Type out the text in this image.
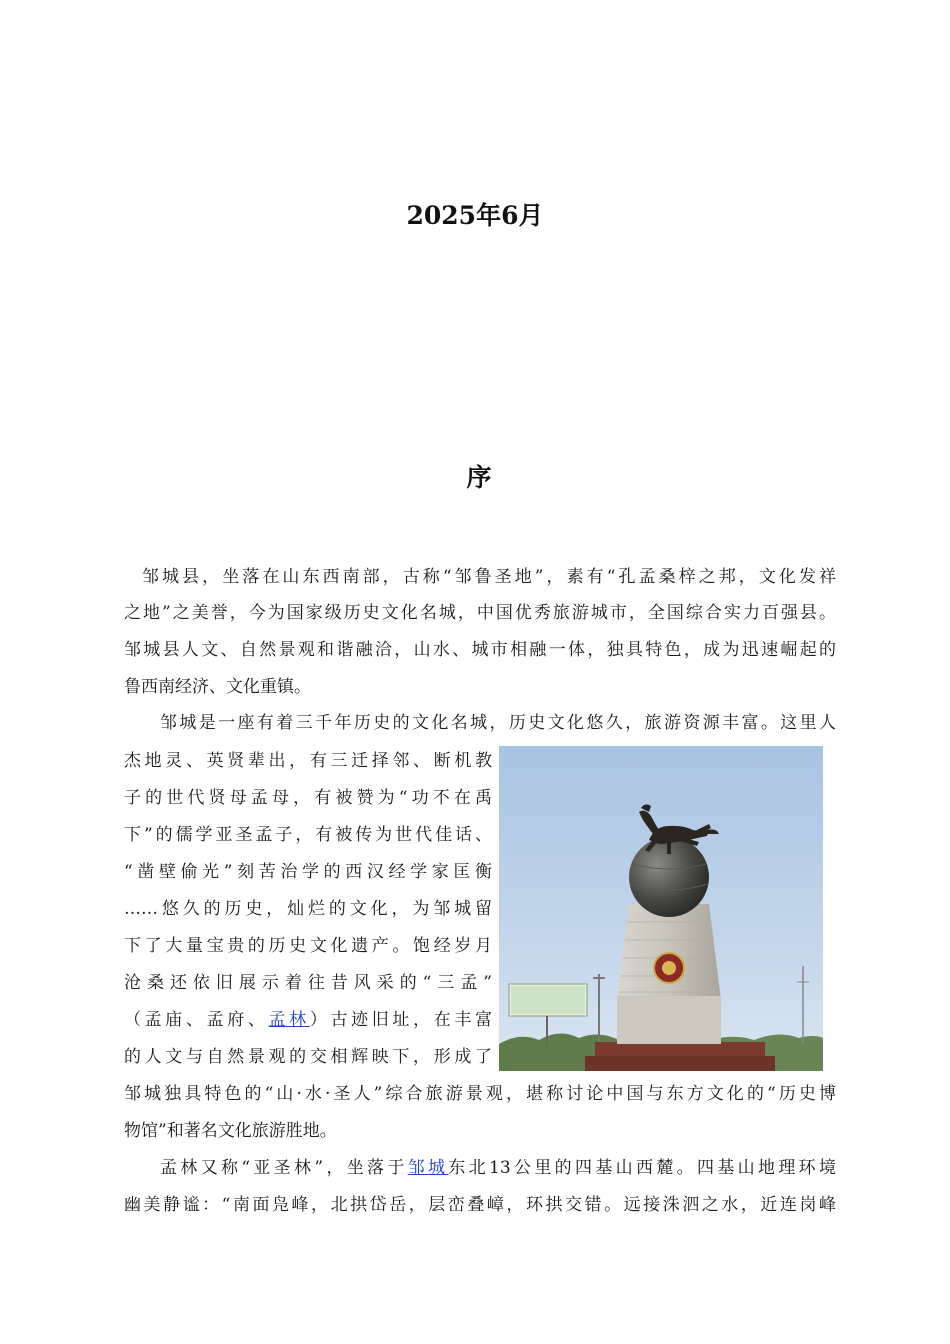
2025年6月
序
邹城县，坐落在山东西南部，古称“邹鲁圣地”，素有“孔孟桑梓之邦，文化发祥
之地”之美誉，今为国家级历史文化名城，中国优秀旅游城市，全国综合实力百强县。
邹城县人文、自然景观和谐融洽，山水、城市相融一体，独具特色，成为迅速崛起的
鲁西南经济、文化重镇。
邹城是一座有着三千年历史的文化名城，历史文化悠久，旅游资源丰富。这里人
杰地灵、英贤辈出，有三迁择邻、断机教
子的世代贤母孟母，有被赞为“功不在禹
下”的儒学亚圣孟子，有被传为世代佳话、
“凿壁偷光”刻苦治学的西汉经学家匡衡
……悠久的历史，灿烂的文化，为邹城留
下了大量宝贵的历史文化遗产。饱经岁月
沧桑还依旧展示着往昔风采的“三孟”
（孟庙、孟府、孟林）古迹旧址，在丰富
的人文与自然景观的交相辉映下，形成了
邹城独具特色的“山·水·圣人”综合旅游景观，堪称讨论中国与东方文化的“历史博
物馆”和著名文化旅游胜地。
孟林又称“亚圣林”，坐落于邹城东北13公里的四基山西麓。四基山地理环境
幽美静谧：“南面凫峰，北拱岱岳，层峦叠嶂，环拱交错。远接洙泗之水，近连岗峰
